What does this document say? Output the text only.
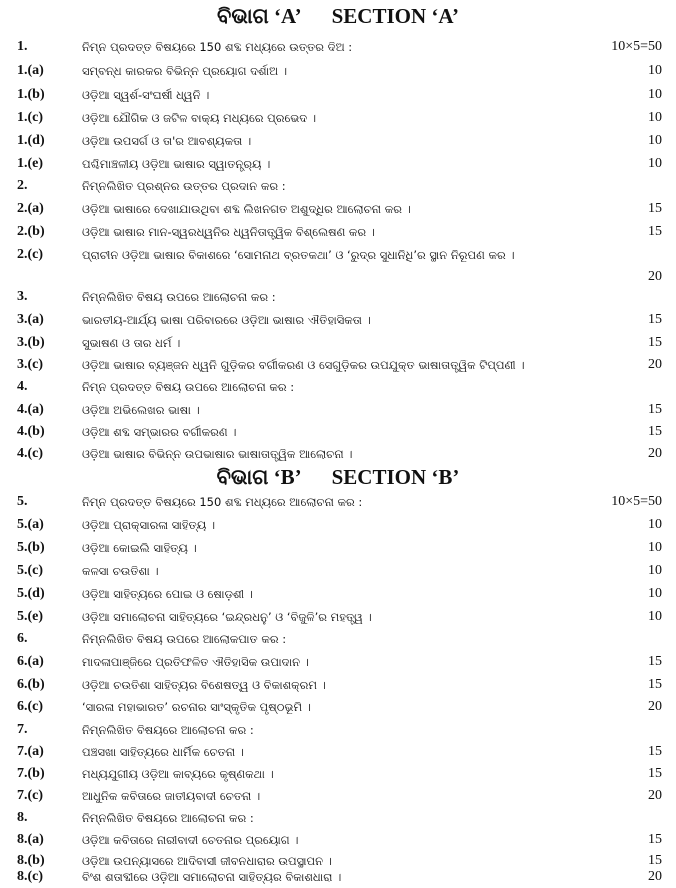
ବିଭାଗ ‘A’ SECTION ‘A’
1.	ନିମ୍ନ ପ୍ରଦତ୍ତ ବିଷୟରେ 150 ଶବ୍ଦ ମଧ୍ୟରେ ଉତ୍ତର ଦିଅ :	10×5=50
1.(a)	ସମ୍ବନ୍ଧ କାରକର ବିଭିନ୍ନ ପ୍ରୟୋଗ ଦର୍ଶାଅ ।	10
1.(b)	ଓଡ଼ିଆ ସ୍ୱର୍ଶ-ସଂଘର୍ଷୀ ଧ୍ୱନି ।	10
1.(c)	ଓଡ଼ିଆ ଯୌଗିକ ଓ ଜଟିଳ ବାକ୍ୟ ମଧ୍ୟରେ ପ୍ରଭେଦ ।	10
1.(d)	ଓଡ଼ିଆ ଉପସର୍ଗ ଓ ତା'ର ଆବଶ୍ୟକତା ।	10
1.(e)	ପଶ୍ଚିମାଞ୍ଚଳୀୟ ଓଡ଼ିଆ ଭାଷାର ସ୍ୱାତନ୍ତ୍ର୍ୟ ।	10
2.	ନିମ୍ନଲିଖିତ ପ୍ରଶ୍ନର ଉତ୍ତର ପ୍ରଦାନ କର :
2.(a)	ଓଡ଼ିଆ ଭାଷାରେ ଦେଖାଯାଉଥିବା ଶବ୍ଦ ଲିଖନଗତ ଅଶୁଦ୍ଧିର ଆଲୋଚନା କର ।	15
2.(b)	ଓଡ଼ିଆ ଭାଷାର ମାନ-ସ୍ୱରଧ୍ୱନିର ଧ୍ୱନିତାତ୍ତ୍ୱିକ ବିଶ୍ଲେଷଣ କର ।	15
2.(c)	ପ୍ରାଚୀନ ଓଡ଼ିଆ ଭାଷାର ବିକାଶରେ ‘ସୋମନାଥ ବ୍ରତକଥା’ ଓ ‘ରୁଦ୍ର ସୁଧାନିଧି’ର ସ୍ଥାନ ନିରୂପଣ କର ।
20
3.	ନିମ୍ନଲିଖିତ ବିଷୟ ଉପରେ ଆଲୋଚନା କର :
3.(a)	ଭାରତୀୟ-ଆର୍ଯ୍ୟ ଭାଷା ପରିବାରରେ ଓଡ଼ିଆ ଭାଷାର ଐତିହାସିକତା ।	15
3.(b)	ସୁଭାଷଣ ଓ ତାର ଧର୍ମ ।	15
3.(c)	ଓଡ଼ିଆ ଭାଷାର ବ୍ୟଞ୍ଜନ ଧ୍ୱନି ଗୁଡ଼ିକର ବର୍ଗୀକରଣ ଓ ସେଗୁଡ଼ିକର ଉପଯୁକ୍ତ ଭାଷାତାତ୍ତ୍ୱିକ ଟିପ୍ପଣୀ ।	20
4.	ନିମ୍ନ ପ୍ରଦତ୍ତ ବିଷୟ ଉପରେ ଆଲୋଚନା କର :
4.(a)	ଓଡ଼ିଆ ଅଭିଲେଖର ଭାଷା ।	15
4.(b)	ଓଡ଼ିଆ ଶବ୍ଦ ସମ୍ଭାରର ବର୍ଗୀକରଣ ।	15
4.(c)	ଓଡ଼ିଆ ଭାଷାର ବିଭିନ୍ନ ଉପଭାଷାର ଭାଷାତାତ୍ତ୍ୱିକ ଆଲୋଚନା ।	20
ବିଭାଗ ‘B’ SECTION ‘B’
5.	ନିମ୍ନ ପ୍ରଦତ୍ତ ବିଷୟରେ 150 ଶବ୍ଦ ମଧ୍ୟରେ ଆଲୋଚନା କର :	10×5=50
5.(a)	ଓଡ଼ିଆ ପ୍ରାକ୍‌ସାରଳା ସାହିତ୍ୟ ।	10
5.(b)	ଓଡ଼ିଆ କୋଇଲି ସାହିତ୍ୟ ।	10
5.(c)	କଳସା ଚଉତିଶା ।	10
5.(d)	ଓଡ଼ିଆ ସାହିତ୍ୟରେ ପୋଇ ଓ ଷୋଡ଼ଶୀ ।	10
5.(e)	ଓଡ଼ିଆ ସମାଲୋଚନା ସାହିତ୍ୟରେ ‘ଇନ୍ଦ୍ରଧନୁ’ ଓ ‘ବିଜୁଳି’ର ମହତ୍ତ୍ୱ ।	10
6.	ନିମ୍ନଲିଖିତ ବିଷୟ ଉପରେ ଆଲୋକପାତ କର :
6.(a)	ମାଦଳାପାଞ୍ଜିରେ ପ୍ରତିଫଳିତ ଐତିହାସିକ ଉପାଦାନ ।	15
6.(b)	ଓଡ଼ିଆ ଚଉତିଶା ସାହିତ୍ୟର ବିଶେଷତ୍ୱ ଓ ବିକାଶକ୍ରମ ।	15
6.(c)	‘ସାରଳା ମହାଭାରତ’ ରଚନାର ସାଂସ୍କୃତିକ ପୃଷ୍ଠଭୂମି ।	20
7.	ନିମ୍ନଲିଖିତ ବିଷୟରେ ଆଲୋଚନା କର :
7.(a)	ପଞ୍ଚସଖା ସାହିତ୍ୟରେ ଧାର୍ମିକ ଚେତନା ।	15
7.(b)	ମଧ୍ୟଯୁଗୀୟ ଓଡ଼ିଆ କାବ୍ୟରେ କୃଷ୍ଣକଥା ।	15
7.(c)	ଆଧୁନିକ କବିତାରେ ଜାତୀୟବାଦୀ ଚେତନା ।	20
8.	ନିମ୍ନଲିଖିତ ବିଷୟରେ ଆଲୋଚନା କର :
8.(a)	ଓଡ଼ିଆ କବିତାରେ ନାରୀବାଦୀ ଚେତନାର ପ୍ରୟୋଗ ।	15
8.(b)	ଓଡ଼ିଆ ଉପନ୍ୟାସରେ ଆଦିବାସୀ ଜୀବନଧାରାର ଉପସ୍ଥାପନ ।	15
8.(c)	ବିଂଶ ଶତାବ୍ଦୀରେ ଓଡ଼ିଆ ସମାଲୋଚନା ସାହିତ୍ୟର ବିକାଶଧାରା ।	20
